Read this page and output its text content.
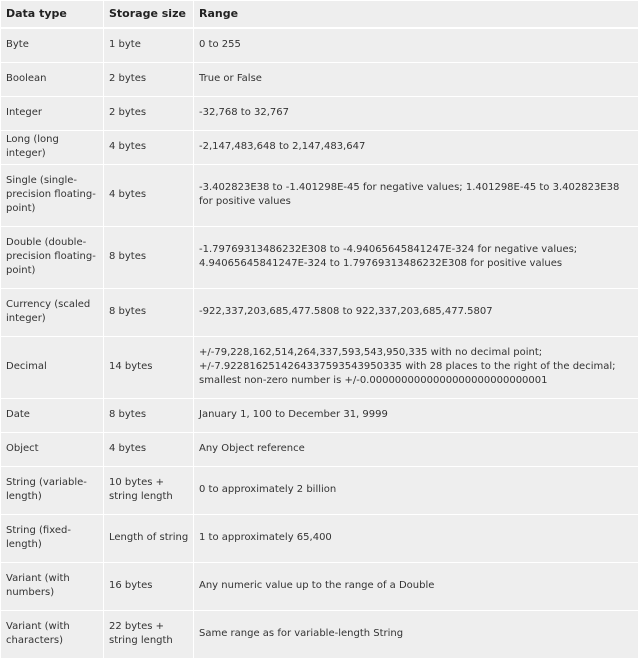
Data type	Storage size	Range
Byte	1 byte	0 to 255
Boolean	2 bytes	True or False
Integer	2 bytes	-32,768 to 32,767
Long (long integer)	4 bytes	-2,147,483,648 to 2,147,483,647
Single (single-precision floating-point)	4 bytes	-3.402823E38 to -1.401298E-45 for negative values; 1.401298E-45 to 3.402823E38 for positive values
Double (double-precision floating-point)	8 bytes	-1.79769313486232E308 to -4.94065645841247E-324 for negative values; 4.94065645841247E-324 to 1.79769313486232E308 for positive values
Currency (scaled integer)	8 bytes	-922,337,203,685,477.5808 to 922,337,203,685,477.5807
Decimal	14 bytes	+/-79,228,162,514,264,337,593,543,950,335 with no decimal point; +/-7.9228162514264337593543950335 with 28 places to the right of the decimal; smallest non-zero number is +/-0.0000000000000000000000000001
Date	8 bytes	January 1, 100 to December 31, 9999
Object	4 bytes	Any Object reference
String (variable-length)	10 bytes + string length	0 to approximately 2 billion
String (fixed-length)	Length of string	1 to approximately 65,400
Variant (with numbers)	16 bytes	Any numeric value up to the range of a Double
Variant (with characters)	22 bytes + string length	Same range as for variable-length String
